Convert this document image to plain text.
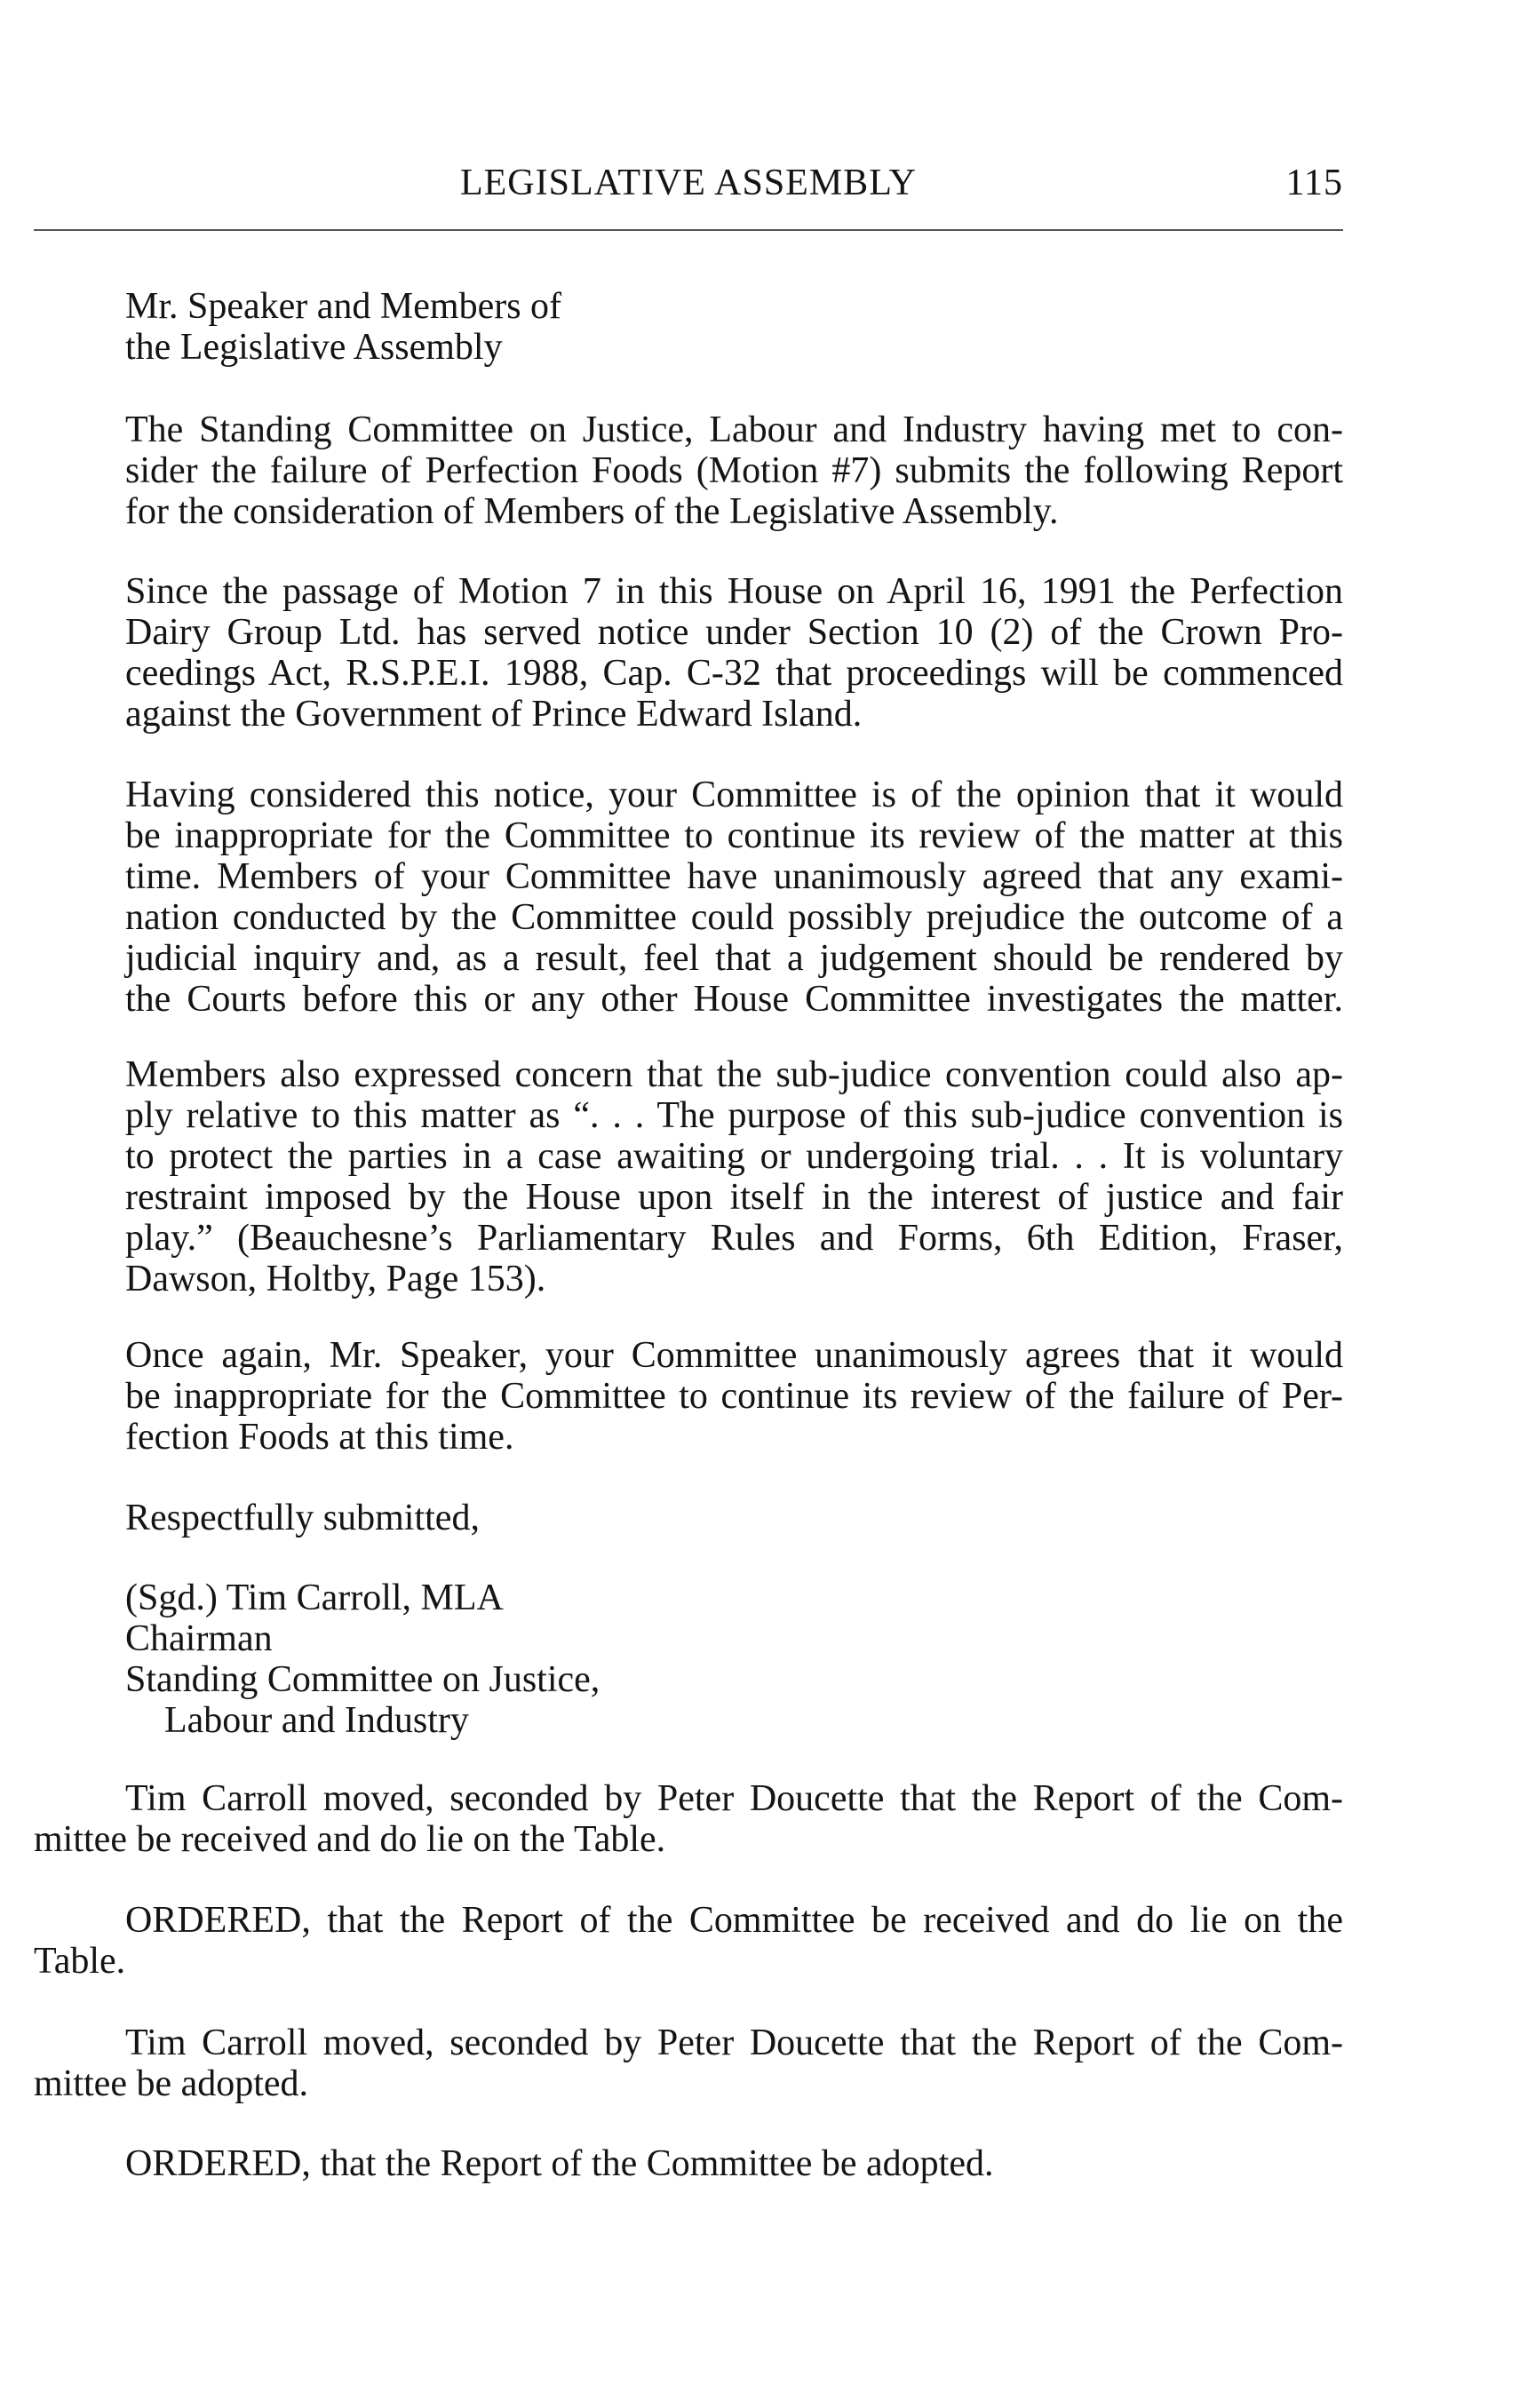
LEGISLATIVE ASSEMBLY	115
Mr. Speaker and Members of
the Legislative Assembly
The Standing Committee on Justice, Labour and Industry having met to con-
sider the failure of Perfection Foods (Motion #7) submits the following Report
for the consideration of Members of the Legislative Assembly.
Since the passage of Motion 7 in this House on April 16, 1991 the Perfection
Dairy Group Ltd. has served notice under Section 10 (2) of the Crown Pro-
ceedings Act, R.S.P.E.I. 1988, Cap. C-32 that proceedings will be commenced
against the Government of Prince Edward Island.
Having considered this notice, your Committee is of the opinion that it would
be inappropriate for the Committee to continue its review of the matter at this
time. Members of your Committee have unanimously agreed that any exami-
nation conducted by the Committee could possibly prejudice the outcome of a
judicial inquiry and, as a result, feel that a judgement should be rendered by
the Courts before this or any other House Committee investigates the matter.
Members also expressed concern that the sub-judice convention could also ap-
ply relative to this matter as “. . . The purpose of this sub-judice convention is
to protect the parties in a case awaiting or undergoing trial. . . It is voluntary
restraint imposed by the House upon itself in the interest of justice and fair
play.” (Beauchesne’s Parliamentary Rules and Forms, 6th Edition, Fraser,
Dawson, Holtby, Page 153).
Once again, Mr. Speaker, your Committee unanimously agrees that it would
be inappropriate for the Committee to continue its review of the failure of Per-
fection Foods at this time.
Respectfully submitted,
(Sgd.) Tim Carroll, MLA
Chairman
Standing Committee on Justice,
Labour and Industry
Tim Carroll moved, seconded by Peter Doucette that the Report of the Com-
mittee be received and do lie on the Table.
ORDERED, that the Report of the Committee be received and do lie on the
Table.
Tim Carroll moved, seconded by Peter Doucette that the Report of the Com-
mittee be adopted.
ORDERED, that the Report of the Committee be adopted.
